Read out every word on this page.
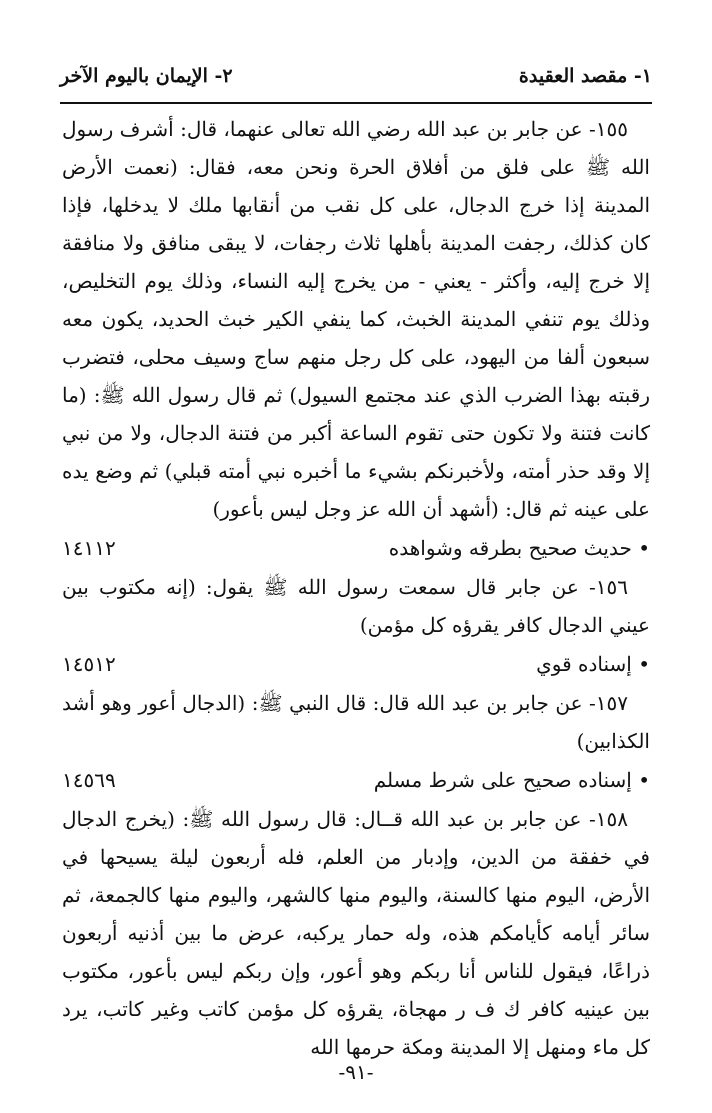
٢- الإيمان باليوم الآخر	١- مقصد العقيدة

١٥٥- عن جابر بن عبد الله رضي الله تعالى عنهما، قال: أشرف رسول الله ﷺ على فلق من أفلاق الحرة ونحن معه، فقال: (نعمت الأرض المدينة إذا خرج الدجال، على كل نقب من أنقابها ملك لا يدخلها، فإذا كان كذلك، رجفت المدينة بأهلها ثلاث رجفات، لا يبقى منافق ولا منافقة إلا خرج إليه، وأكثر - يعني - من يخرج إليه النساء، وذلك يوم التخليص، وذلك يوم تنفي المدينة الخبث، كما ينفي الكير خبث الحديد، يكون معه سبعون ألفا من اليهود، على كل رجل منهم ساج وسيف محلى، فتضرب رقبته بهذا الضرب الذي عند مجتمع السيول) ثم قال رسول الله ﷺ: (ما كانت فتنة ولا تكون حتى تقوم الساعة أكبر من فتنة الدجال، ولا من نبي إلا وقد حذر أمته، ولأخبرنكم بشيء ما أخبره نبي أمته قبلي) ثم وضع يده على عينه ثم قال: (أشهد أن الله عز وجل ليس بأعور)

• حديث صحيح بطرقه وشواهده
١٤١١٢

١٥٦- عن جابر قال سمعت رسول الله ﷺ يقول: (إنه مكتوب بين عيني الدجال كافر يقرؤه كل مؤمن)

• إسناده قوي
١٤٥١٢

١٥٧- عن جابر بن عبد الله قال: قال النبي ﷺ: (الدجال أعور وهو أشد الكذابين)

• إسناده صحيح على شرط مسلم
١٤٥٦٩

١٥٨- عن جابر بن عبد الله قــال: قال رسول الله ﷺ: (يخرج الدجال في خفقة من الدين، وإدبار من العلم، فله أربعون ليلة يسيحها في الأرض، اليوم منها كالسنة، واليوم منها كالشهر، واليوم منها كالجمعة، ثم سائر أيامه كأيامكم هذه، وله حمار يركبه، عرض ما بين أذنيه أربعون ذراعًا، فيقول للناس أنا ربكم وهو أعور، وإن ربكم ليس بأعور، مكتوب بين عينيه كافر ك ف ر مهجاة، يقرؤه كل مؤمن كاتب وغير كاتب، يرد كل ماء ومنهل إلا المدينة ومكة حرمها الله

-٩١-
